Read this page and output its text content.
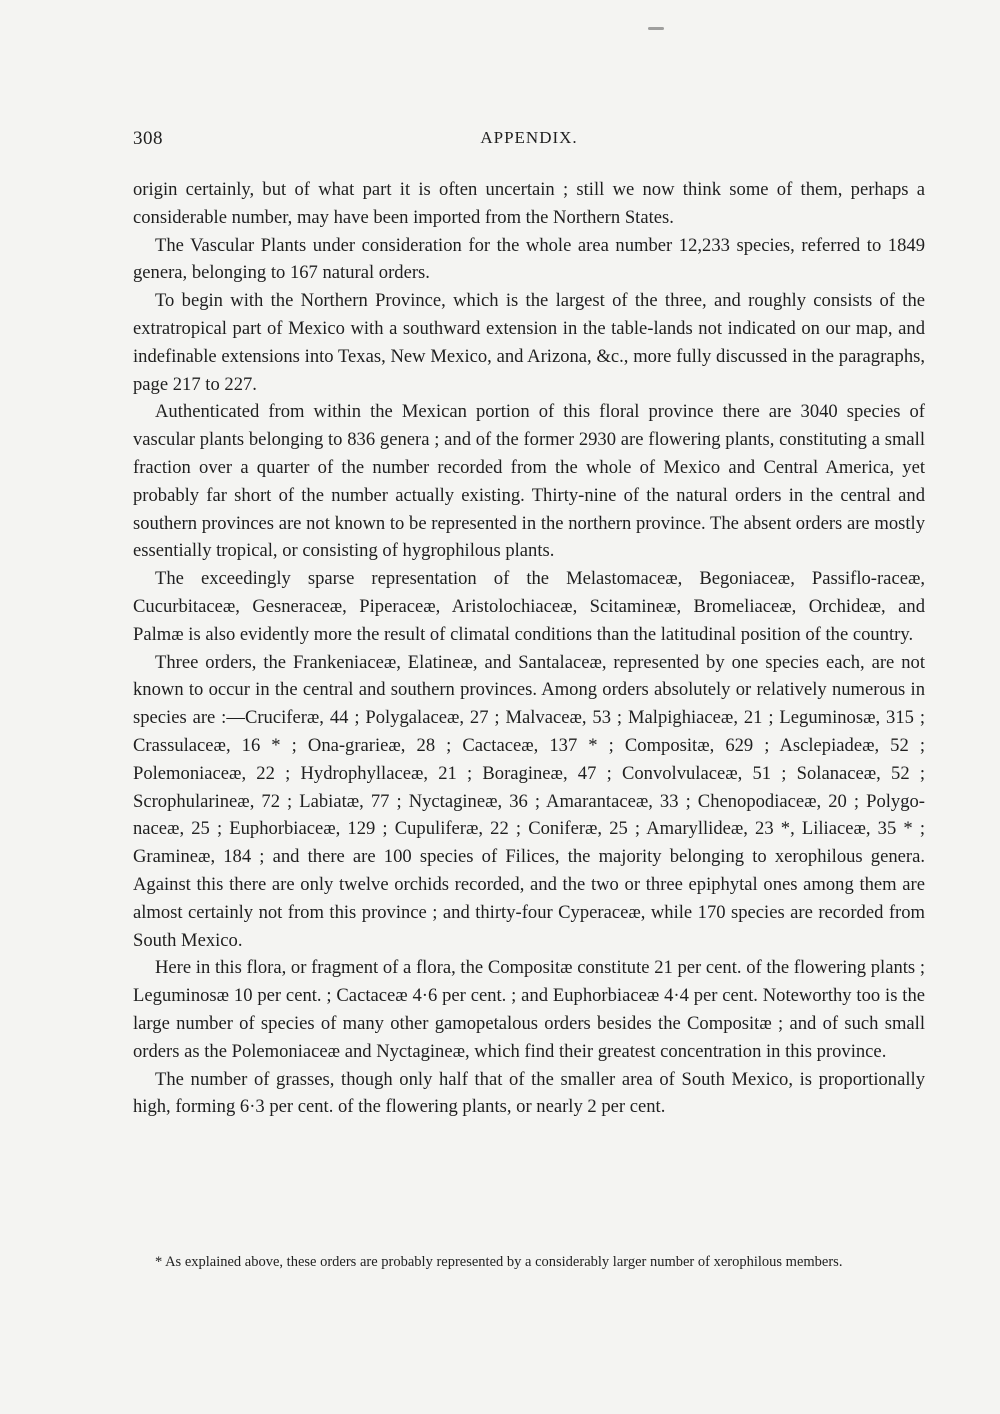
308	APPENDIX.

origin certainly, but of what part it is often uncertain ; still we now think some of them, perhaps a considerable number, may have been imported from the Northern States.

The Vascular Plants under consideration for the whole area number 12,233 species, referred to 1849 genera, belonging to 167 natural orders.

To begin with the Northern Province, which is the largest of the three, and roughly consists of the extratropical part of Mexico with a southward extension in the table-lands not indicated on our map, and indefinable extensions into Texas, New Mexico, and Arizona, &c., more fully discussed in the paragraphs, page 217 to 227.

Authenticated from within the Mexican portion of this floral province there are 3040 species of vascular plants belonging to 836 genera ; and of the former 2930 are flowering plants, constituting a small fraction over a quarter of the number recorded from the whole of Mexico and Central America, yet probably far short of the number actually existing. Thirty-nine of the natural orders in the central and southern provinces are not known to be represented in the northern province. The absent orders are mostly essentially tropical, or consisting of hygrophilous plants.

The exceedingly sparse representation of the Melastomaceæ, Begoniaceæ, Passiflo-raceæ, Cucurbitaceæ, Gesneraceæ, Piperaceæ, Aristolochiaceæ, Scitamineæ, Bromeliaceæ, Orchideæ, and Palmæ is also evidently more the result of climatal conditions than the latitudinal position of the country.

Three orders, the Frankeniaceæ, Elatineæ, and Santalaceæ, represented by one species each, are not known to occur in the central and southern provinces. Among orders absolutely or relatively numerous in species are :—Cruciferæ, 44 ; Polygalaceæ, 27 ; Malvaceæ, 53 ; Malpighiaceæ, 21 ; Leguminosæ, 315 ; Crassulaceæ, 16 * ; Ona-grarieæ, 28 ; Cactaceæ, 137 * ; Compositæ, 629 ; Asclepiadeæ, 52 ; Polemoniaceæ, 22 ; Hydrophyllaceæ, 21 ; Boragineæ, 47 ; Convolvulaceæ, 51 ; Solanaceæ, 52 ; Scrophularineæ, 72 ; Labiatæ, 77 ; Nyctagineæ, 36 ; Amarantaceæ, 33 ; Chenopodiaceæ, 20 ; Polygo-naceæ, 25 ; Euphorbiaceæ, 129 ; Cupuliferæ, 22 ; Coniferæ, 25 ; Amaryllideæ, 23 *, Liliaceæ, 35 * ; Gramineæ, 184 ; and there are 100 species of Filices, the majority belonging to xerophilous genera. Against this there are only twelve orchids recorded, and the two or three epiphytal ones among them are almost certainly not from this province ; and thirty-four Cyperaceæ, while 170 species are recorded from South Mexico.

Here in this flora, or fragment of a flora, the Compositæ constitute 21 per cent. of the flowering plants ; Leguminosæ 10 per cent. ; Cactaceæ 4·6 per cent. ; and Euphorbiaceæ 4·4 per cent. Noteworthy too is the large number of species of many other gamopetalous orders besides the Compositæ ; and of such small orders as the Polemoniaceæ and Nyctagineæ, which find their greatest concentration in this province.

The number of grasses, though only half that of the smaller area of South Mexico, is proportionally high, forming 6·3 per cent. of the flowering plants, or nearly 2 per cent.

* As explained above, these orders are probably represented by a considerably larger number of xerophilous members.
